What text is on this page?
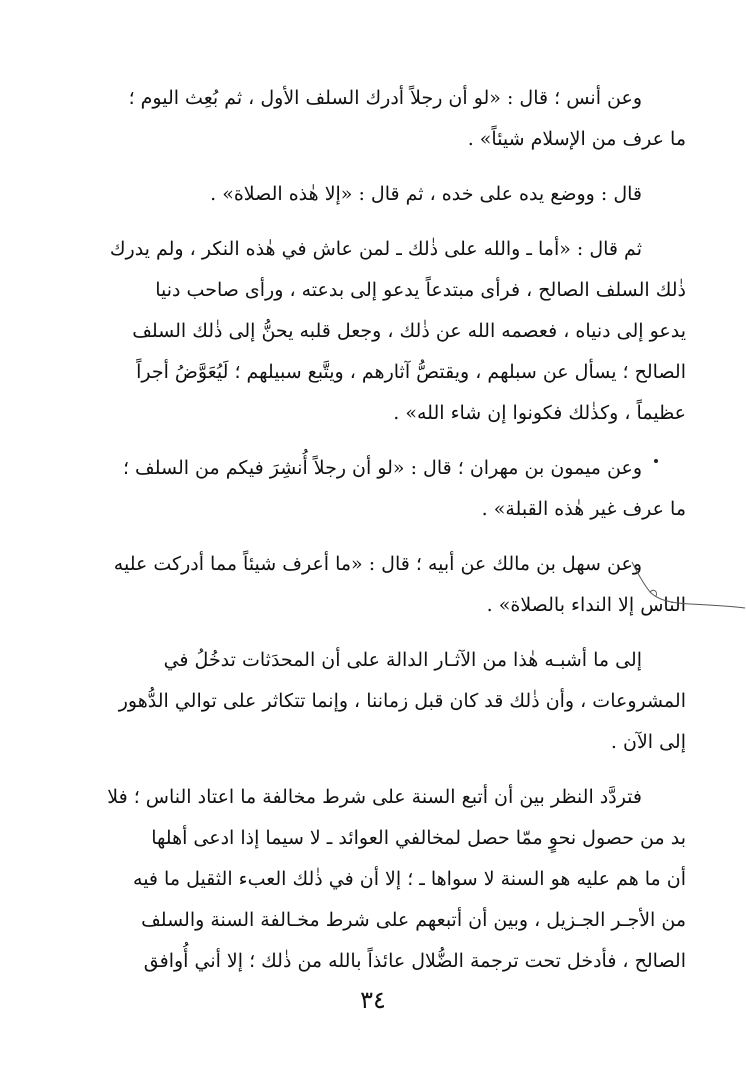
وعن أنس ؛ قال : «لو أن رجلاً أدرك السلف الأول ، ثم بُعِث اليوم ؛
ما عرف من الإسلام شيئاً» .

قال : ووضع يده على خده ، ثم قال : «إلا هٰذه الصلاة» .

ثم قال : «أما ـ والله على ذٰلك ـ لمن عاش في هٰذه النكر ، ولم يدرك
ذٰلك السلف الصالح ، فرأى مبتدعاً يدعو إلى بدعته ، ورأى صاحب دنيا
يدعو إلى دنياه ، فعصمه الله عن ذٰلك ، وجعل قلبه يحنُّ إلى ذٰلك السلف
الصالح ؛ يسأل عن سبلهم ، ويقتصُّ آثارهم ، ويتَّبع سبيلهم ؛ لَيُعَوَّضُ أجراً
عظيماً ، وكذٰلك فكونوا إن شاء الله» .

وعن ميمون بن مهران ؛ قال : «لو أن رجلاً أُنشِرَ فيكم من السلف ؛
ما عرف غير هٰذه القبلة» .

وعن سهل بن مالك عن أبيه ؛ قال : «ما أعرف شيئاً مما أدركت عليه
الناس إلا النداء بالصلاة» .

إلى ما أشبـه هٰذا من الآثـار الدالة على أن المحدَثات تدخُلُ في
المشروعات ، وأن ذٰلك قد كان قبل زماننا ، وإنما تتكاثر على توالي الدُّهور
إلى الآن .

فتردَّد النظر بين أن أتبع السنة على شرط مخالفة ما اعتاد الناس ؛ فلا
بد من حصول نحوٍ ممّا حصل لمخالفي العوائد ـ لا سيما إذا ادعى أهلها
أن ما هم عليه هو السنة لا سواها ـ ؛ إلا أن في ذٰلك العبء الثقيل ما فيه
من الأجـر الجـزيل ، وبين أن أتبعهم على شرط مخـالفة السنة والسلف
الصالح ، فأدخل تحت ترجمة الضُّلال عائذاً بالله من ذٰلك ؛ إلا أني أُوافق

٣٤
